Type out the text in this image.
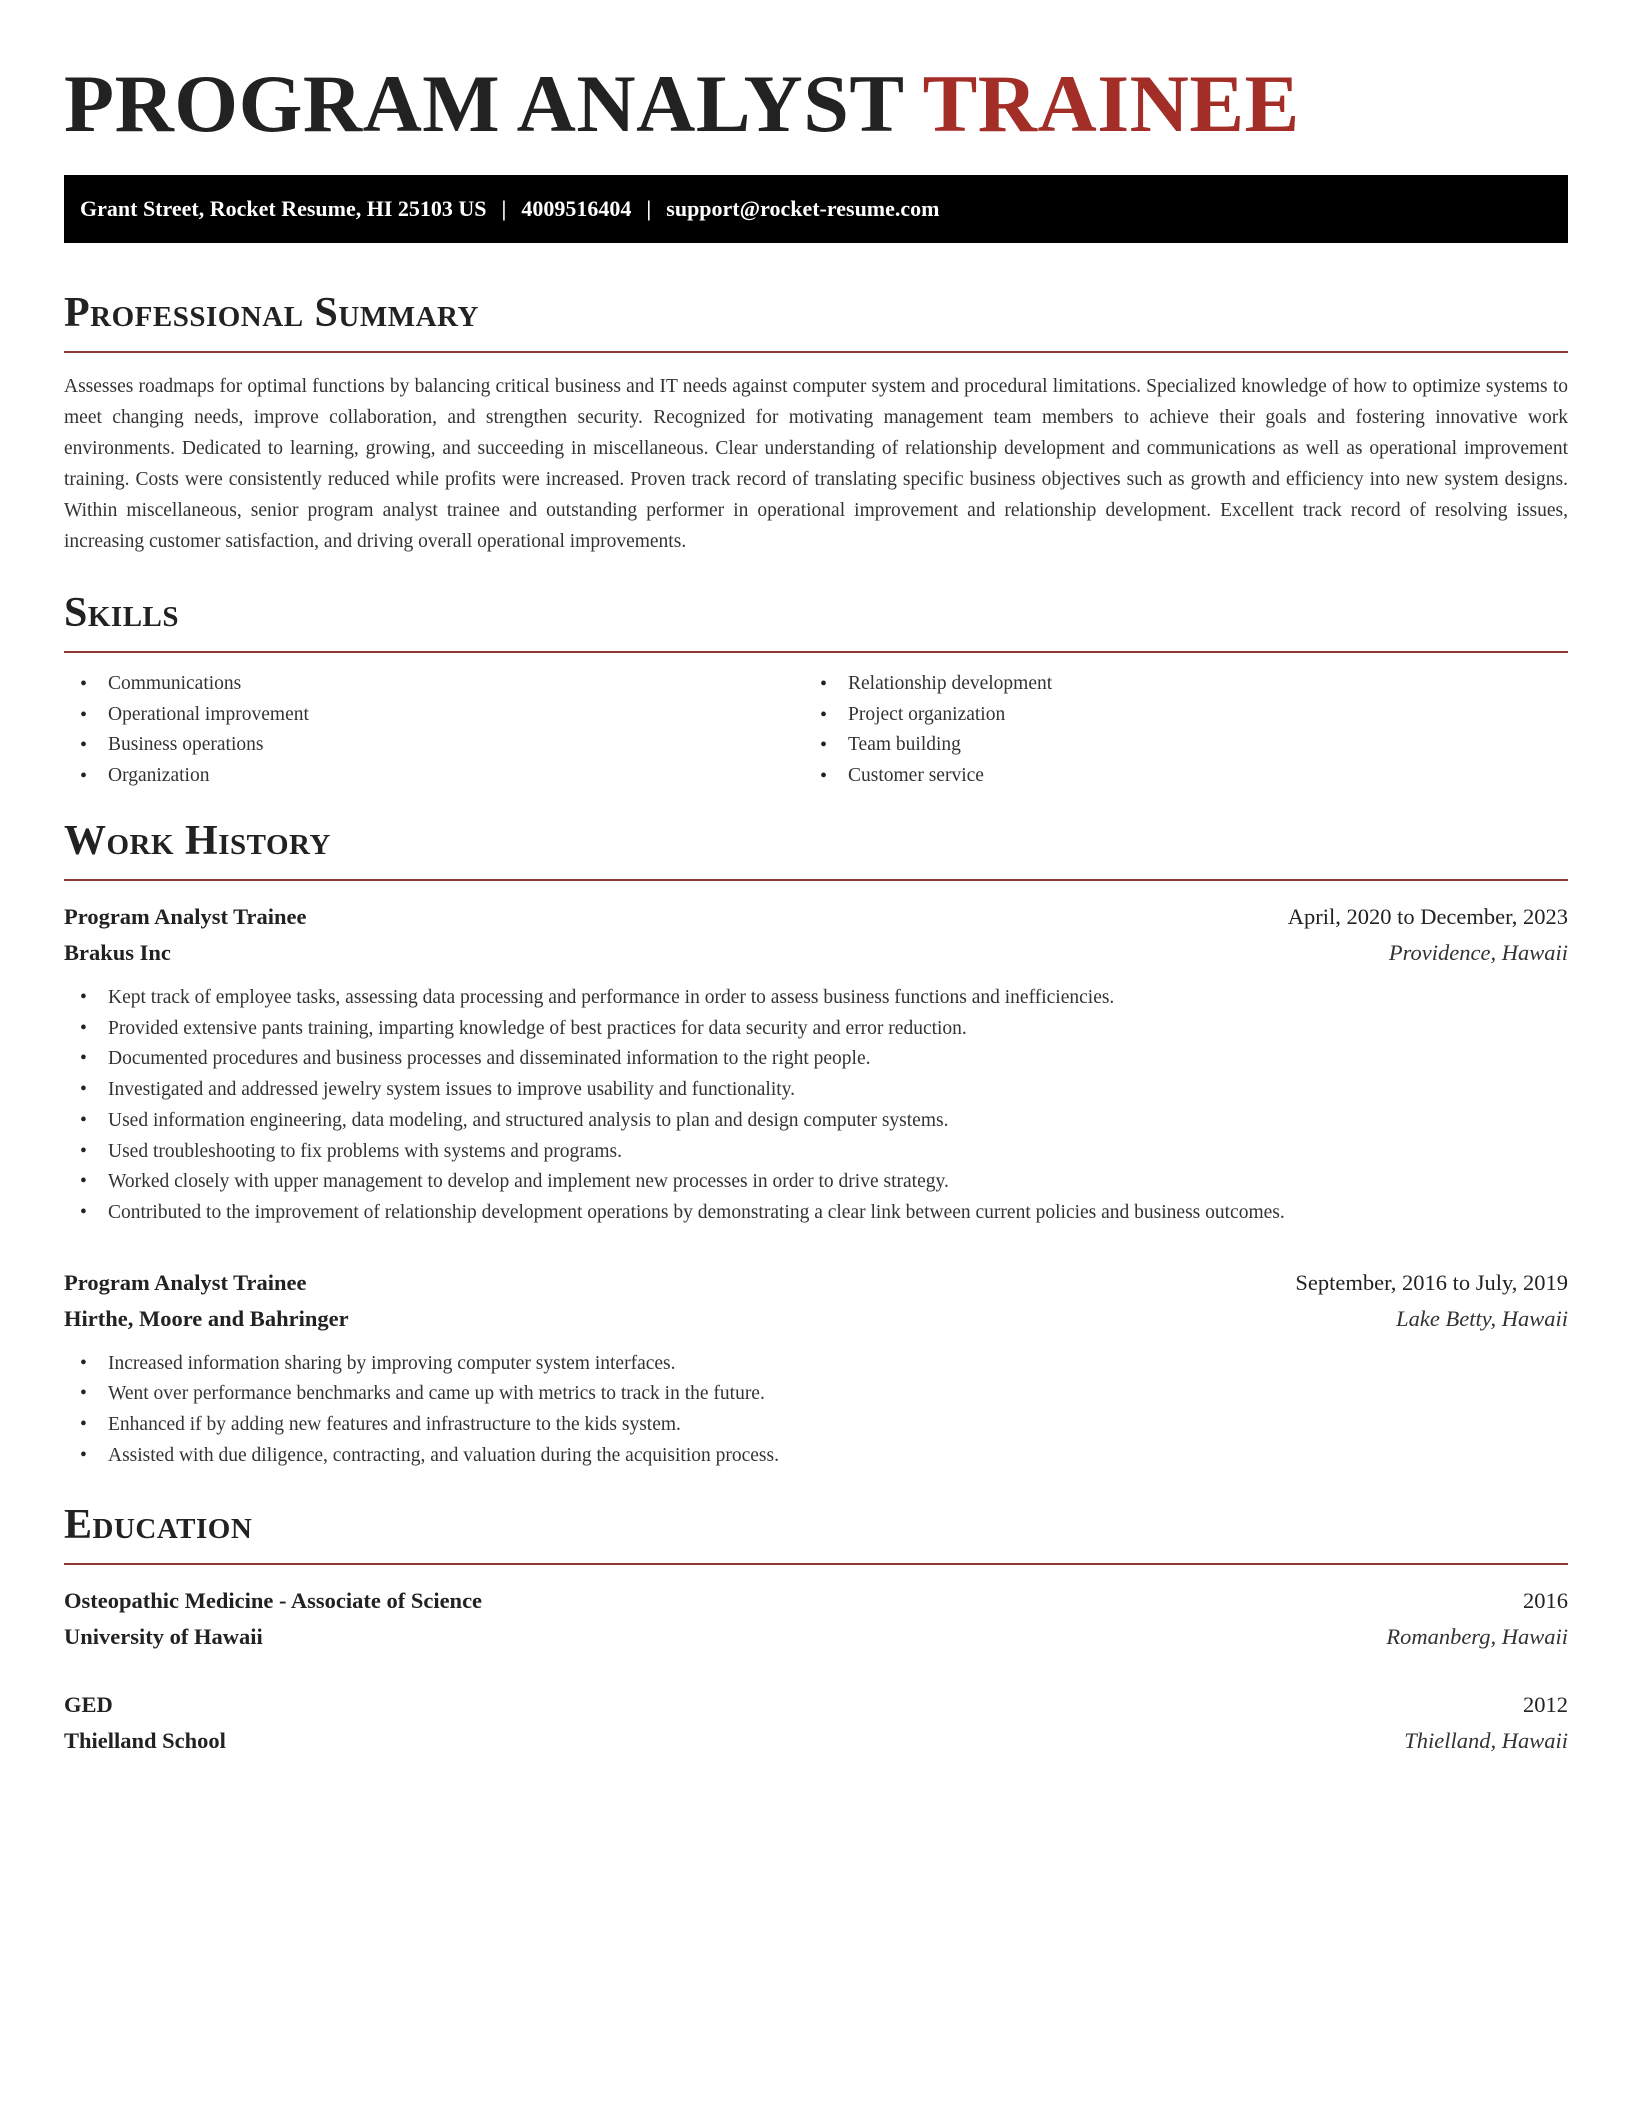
PROGRAM ANALYST TRAINEE
Grant Street, Rocket Resume, HI 25103 US | 4009516404 | support@rocket-resume.com
Professional Summary

Assesses roadmaps for optimal functions by balancing critical business and IT needs against computer system and procedural limitations. Specialized knowledge of how to optimize systems to meet changing needs, improve collaboration, and strengthen security. Recognized for motivating management team members to achieve their goals and fostering innovative work environments. Dedicated to learning, growing, and succeeding in miscellaneous. Clear understanding of relationship development and communications as well as operational improvement training. Costs were consistently reduced while profits were increased. Proven track record of translating specific business objectives such as growth and efficiency into new system designs. Within miscellaneous, senior program analyst trainee and outstanding performer in operational improvement and relationship development. Excellent track record of resolving issues, increasing customer satisfaction, and driving overall operational improvements.

Skills
• Communications
• Operational improvement
• Business operations
• Organization
• Relationship development
• Project organization
• Team building
• Customer service
Work History
Program Analyst Trainee	April, 2020 to December, 2023
Brakus Inc	Providence, Hawaii
• Kept track of employee tasks, assessing data processing and performance in order to assess business functions and inefficiencies.
• Provided extensive pants training, imparting knowledge of best practices for data security and error reduction.
• Documented procedures and business processes and disseminated information to the right people.
• Investigated and addressed jewelry system issues to improve usability and functionality.
• Used information engineering, data modeling, and structured analysis to plan and design computer systems.
• Used troubleshooting to fix problems with systems and programs.
• Worked closely with upper management to develop and implement new processes in order to drive strategy.
• Contributed to the improvement of relationship development operations by demonstrating a clear link between current policies and business outcomes.
Program Analyst Trainee	September, 2016 to July, 2019
Hirthe, Moore and Bahringer	Lake Betty, Hawaii
• Increased information sharing by improving computer system interfaces.
• Went over performance benchmarks and came up with metrics to track in the future.
• Enhanced if by adding new features and infrastructure to the kids system.
• Assisted with due diligence, contracting, and valuation during the acquisition process.
Education
Osteopathic Medicine - Associate of Science	2016
University of Hawaii	Romanberg, Hawaii
GED	2012
Thielland School	Thielland, Hawaii
